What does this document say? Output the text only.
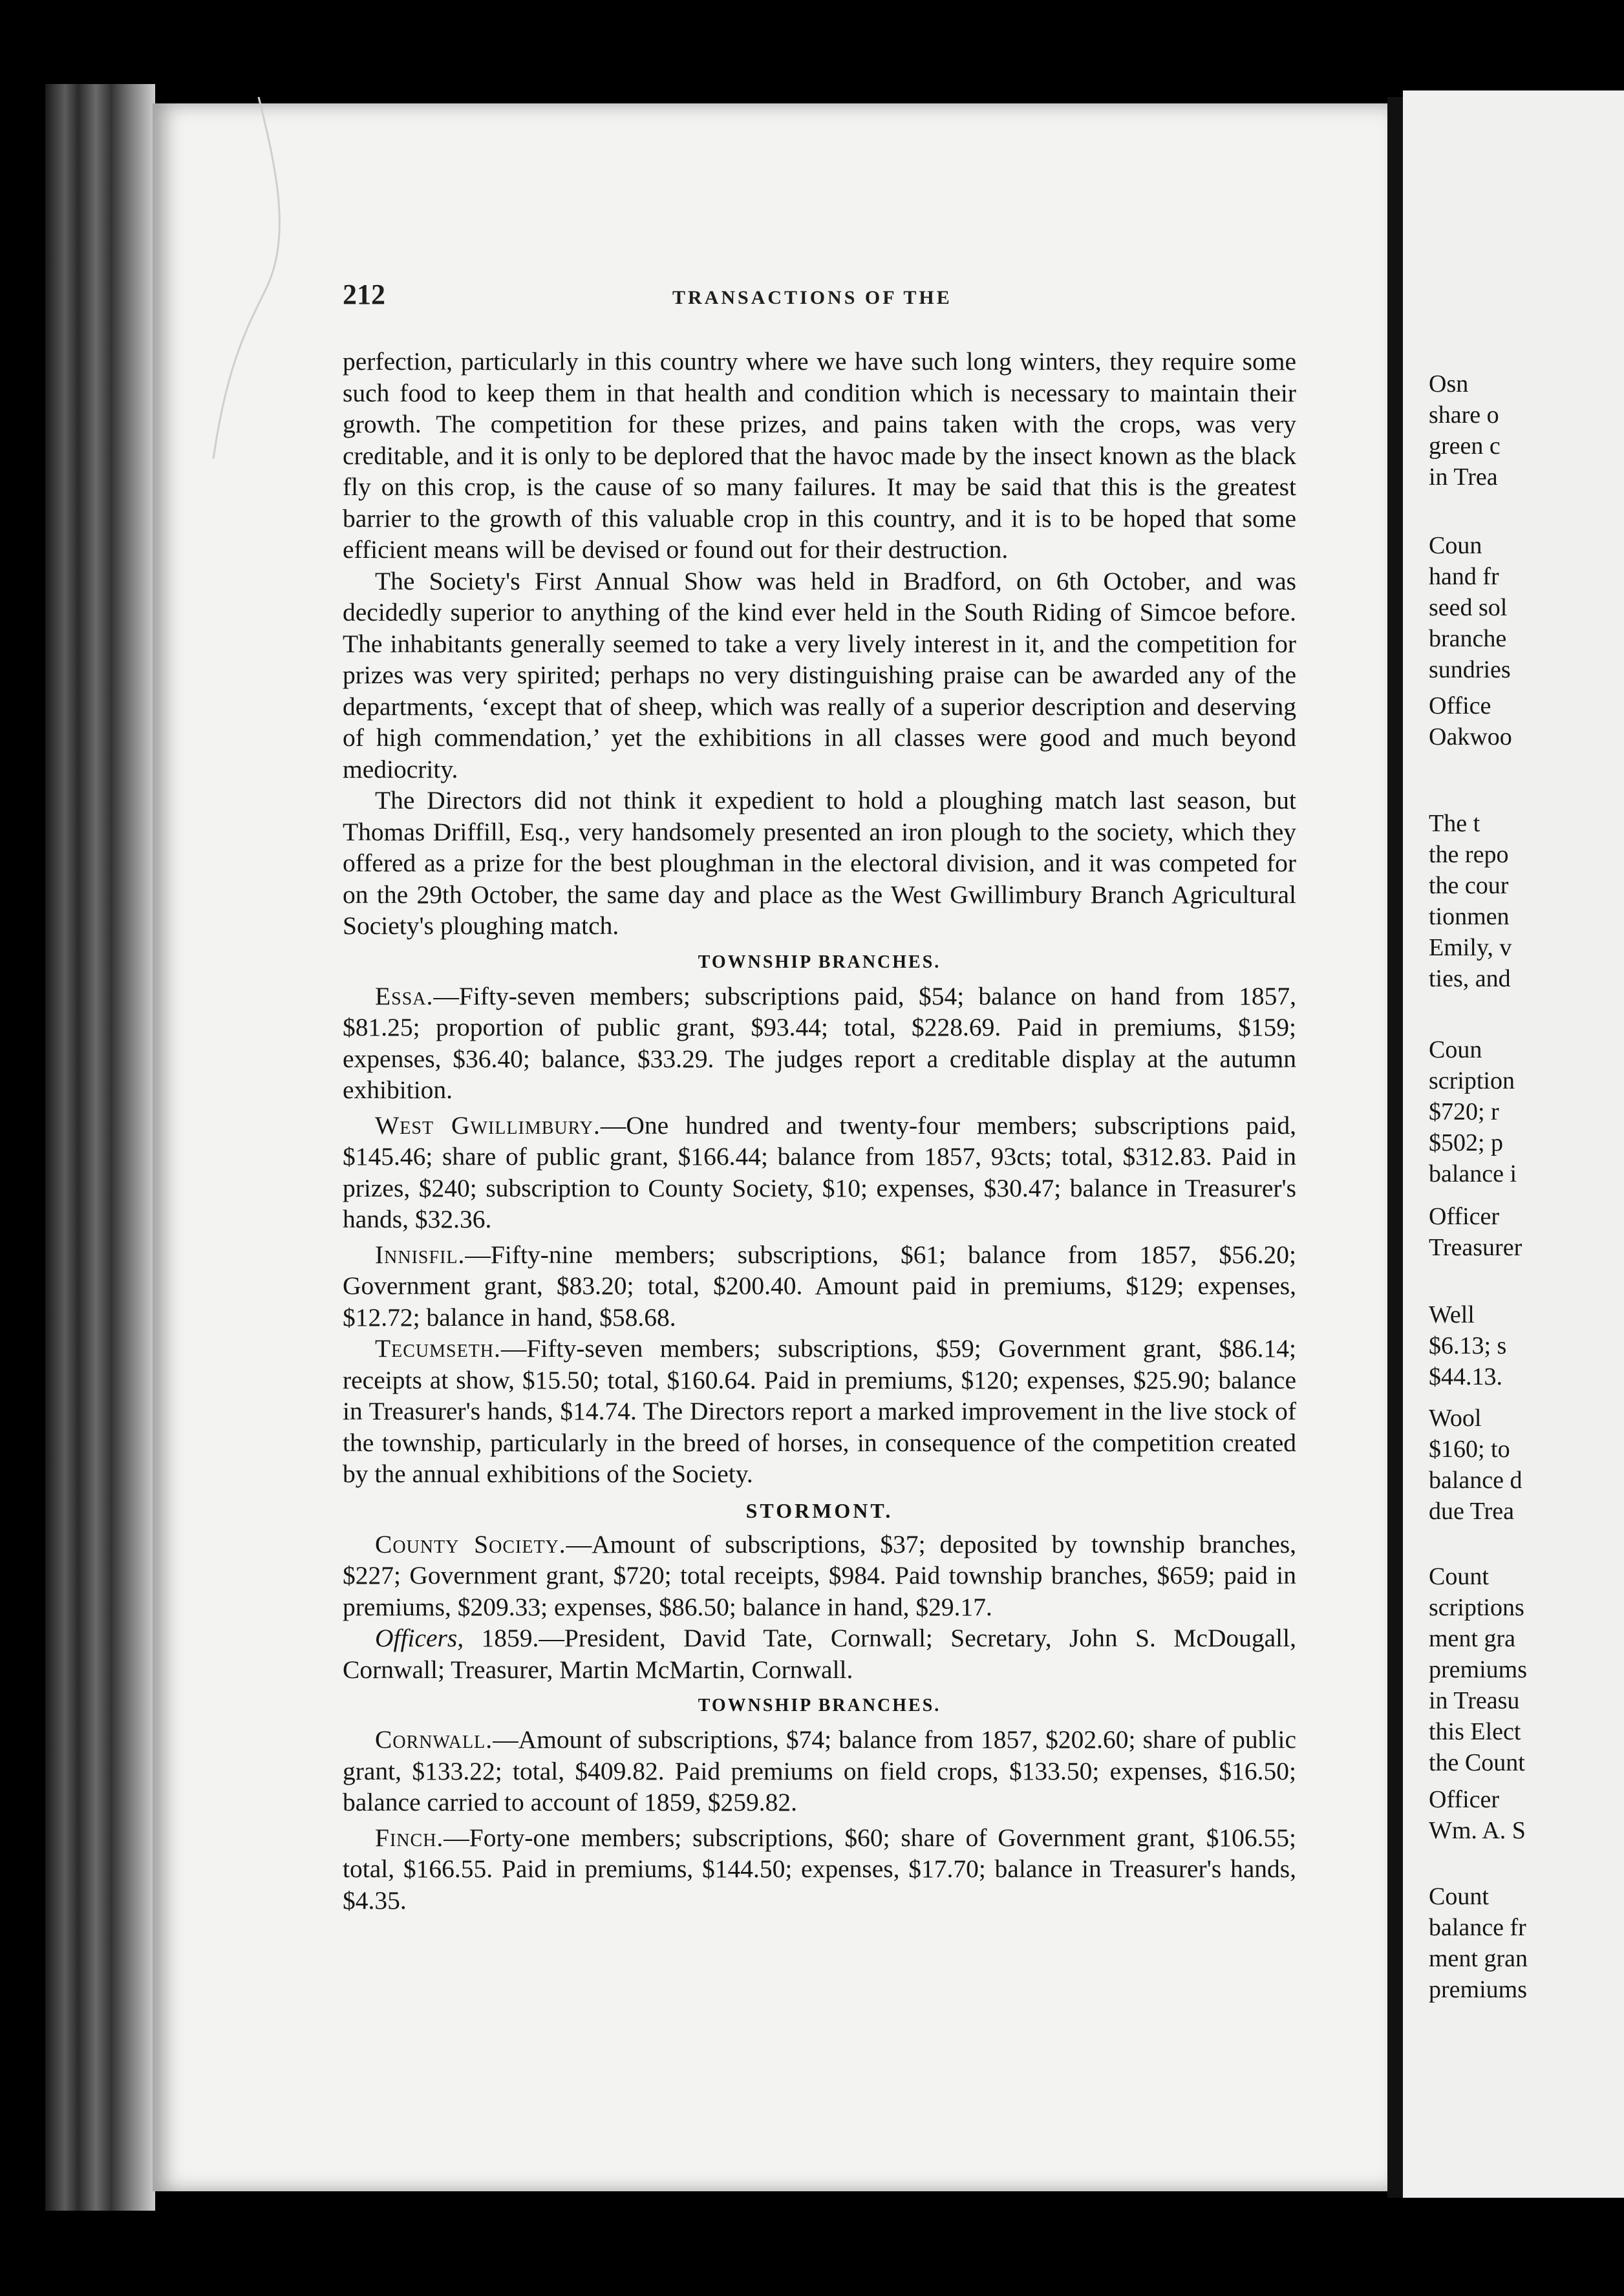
Osn
share o
green c
in Trea
Coun
hand fr
seed sol
branche
sundries
Office
Oakwoo
The t
the repo
the cour
tionmen
Emily, v
ties, and
Coun
scription
$720; r
$502; p
balance i
Officer
Treasurer
Well
$6.13; s
$44.13.
Wool
$160; to
balance d
due Trea
Count
scriptions
ment gra
premiums
in Treasu
this Elect
the Count
Officer
Wm. A. S
Count
balance fr
ment gran
premiums
212	TRANSACTIONS OF THE

perfection, particularly in this country where we have such long winters, they require some such food to keep them in that health and condition which is necessary to maintain their growth. The competition for these prizes, and pains taken with the crops, was very creditable, and it is only to be deplored that the havoc made by the insect known as the black fly on this crop, is the cause of so many failures. It may be said that this is the greatest barrier to the growth of this valuable crop in this country, and it is to be hoped that some efficient means will be devised or found out for their destruction.

The Society's First Annual Show was held in Bradford, on 6th October, and was decidedly superior to anything of the kind ever held in the South Riding of Simcoe before. The inhabitants generally seemed to take a very lively interest in it, and the competition for prizes was very spirited; perhaps no very distinguishing praise can be awarded any of the departments, ‘except that of sheep, which was really of a superior description and deserving of high commendation,’ yet the exhibitions in all classes were good and much beyond mediocrity.

The Directors did not think it expedient to hold a ploughing match last season, but Thomas Driffill, Esq., very handsomely presented an iron plough to the society, which they offered as a prize for the best ploughman in the electoral division, and it was competed for on the 29th October, the same day and place as the West Gwillimbury Branch Agricultural Society's ploughing match.

TOWNSHIP BRANCHES.

Essa.—Fifty-seven members; subscriptions paid, $54; balance on hand from 1857, $81.25; proportion of public grant, $93.44; total, $228.69. Paid in premiums, $159; expenses, $36.40; balance, $33.29. The judges report a creditable display at the autumn exhibition.

West Gwillimbury.—One hundred and twenty-four members; subscriptions paid, $145.46; share of public grant, $166.44; balance from 1857, 93cts; total, $312.83. Paid in prizes, $240; subscription to County Society, $10; expenses, $30.47; balance in Treasurer's hands, $32.36.

Innisfil.—Fifty-nine members; subscriptions, $61; balance from 1857, $56.20; Government grant, $83.20; total, $200.40. Amount paid in premiums, $129; expenses, $12.72; balance in hand, $58.68.

Tecumseth.—Fifty-seven members; subscriptions, $59; Government grant, $86.14; receipts at show, $15.50; total, $160.64. Paid in premiums, $120; expenses, $25.90; balance in Treasurer's hands, $14.74. The Directors report a marked improvement in the live stock of the township, particularly in the breed of horses, in consequence of the competition created by the annual exhibitions of the Society.

STORMONT.

County Society.—Amount of subscriptions, $37; deposited by township branches, $227; Government grant, $720; total receipts, $984. Paid township branches, $659; paid in premiums, $209.33; expenses, $86.50; balance in hand, $29.17.

Officers, 1859.—President, David Tate, Cornwall; Secretary, John S. McDougall, Cornwall; Treasurer, Martin McMartin, Cornwall.

TOWNSHIP BRANCHES.

Cornwall.—Amount of subscriptions, $74; balance from 1857, $202.60; share of public grant, $133.22; total, $409.82. Paid premiums on field crops, $133.50; expenses, $16.50; balance carried to account of 1859, $259.82.

Finch.—Forty-one members; subscriptions, $60; share of Government grant, $106.55; total, $166.55. Paid in premiums, $144.50; expenses, $17.70; balance in Treasurer's hands, $4.35.
